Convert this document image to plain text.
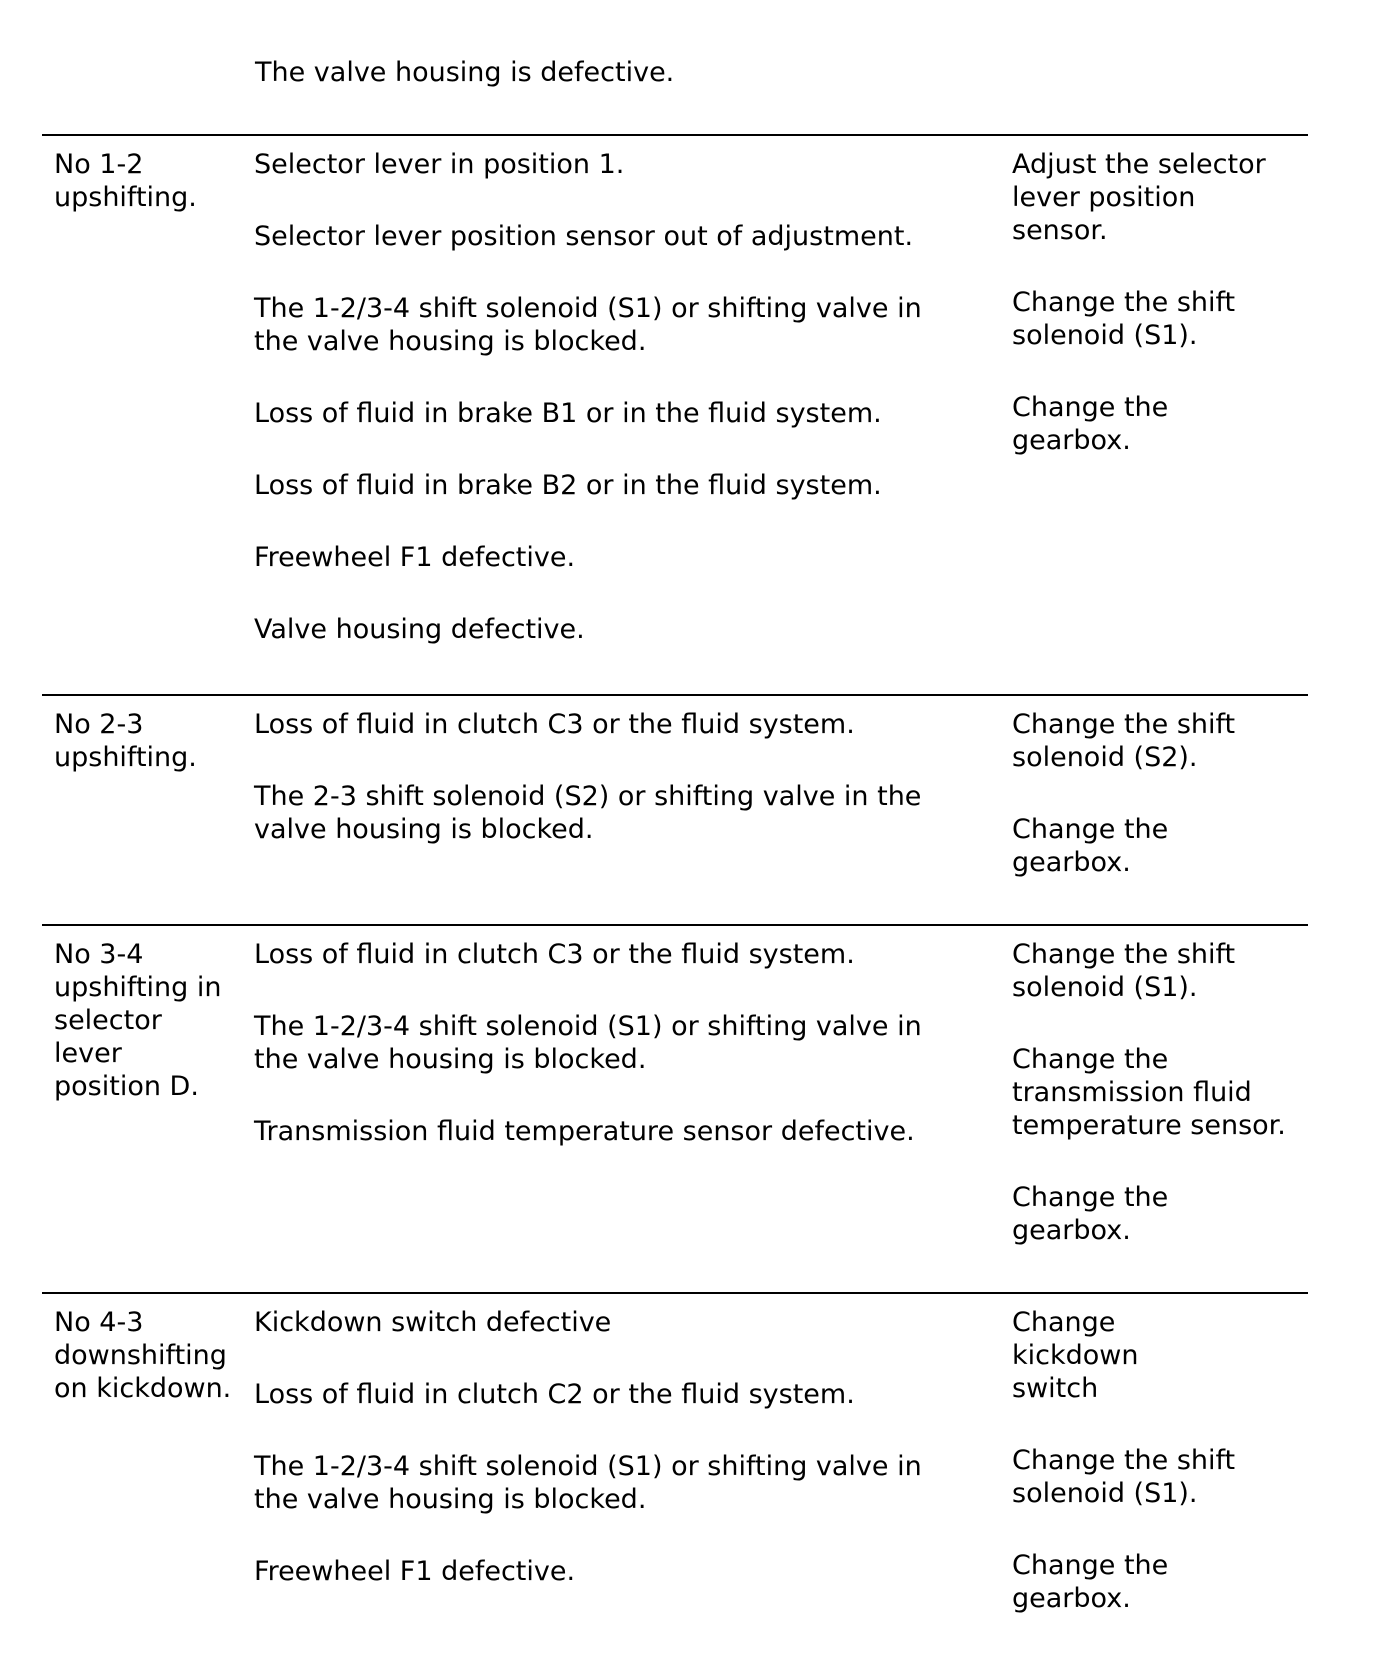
The valve housing is defective.

No 1-2 upshifting.

Selector lever in position 1.

Selector lever position sensor out of adjustment.

The 1-2/3-4 shift solenoid (S1) or shifting valve in the valve housing is blocked.

Loss of fluid in brake B1 or in the fluid system.

Loss of fluid in brake B2 or in the fluid system.

Freewheel F1 defective.

Valve housing defective.

Adjust the selector lever position sensor.

Change the shift solenoid (S1).

Change the gearbox.

No 2-3 upshifting.

Loss of fluid in clutch C3 or the fluid system.

The 2-3 shift solenoid (S2) or shifting valve in the valve housing is blocked.

Change the shift solenoid (S2).

Change the gearbox.

No 3-4 upshifting in selector lever position D.

Loss of fluid in clutch C3 or the fluid system.

The 1-2/3-4 shift solenoid (S1) or shifting valve in the valve housing is blocked.

Transmission fluid temperature sensor defective.

Change the shift solenoid (S1).

Change the transmission fluid temperature sensor.

Change the gearbox.

No 4-3 downshifting on kickdown.

Kickdown switch defective

Loss of fluid in clutch C2 or the fluid system.

The 1-2/3-4 shift solenoid (S1) or shifting valve in the valve housing is blocked.

Freewheel F1 defective.

Change kickdown switch

Change the shift solenoid (S1).

Change the gearbox.
